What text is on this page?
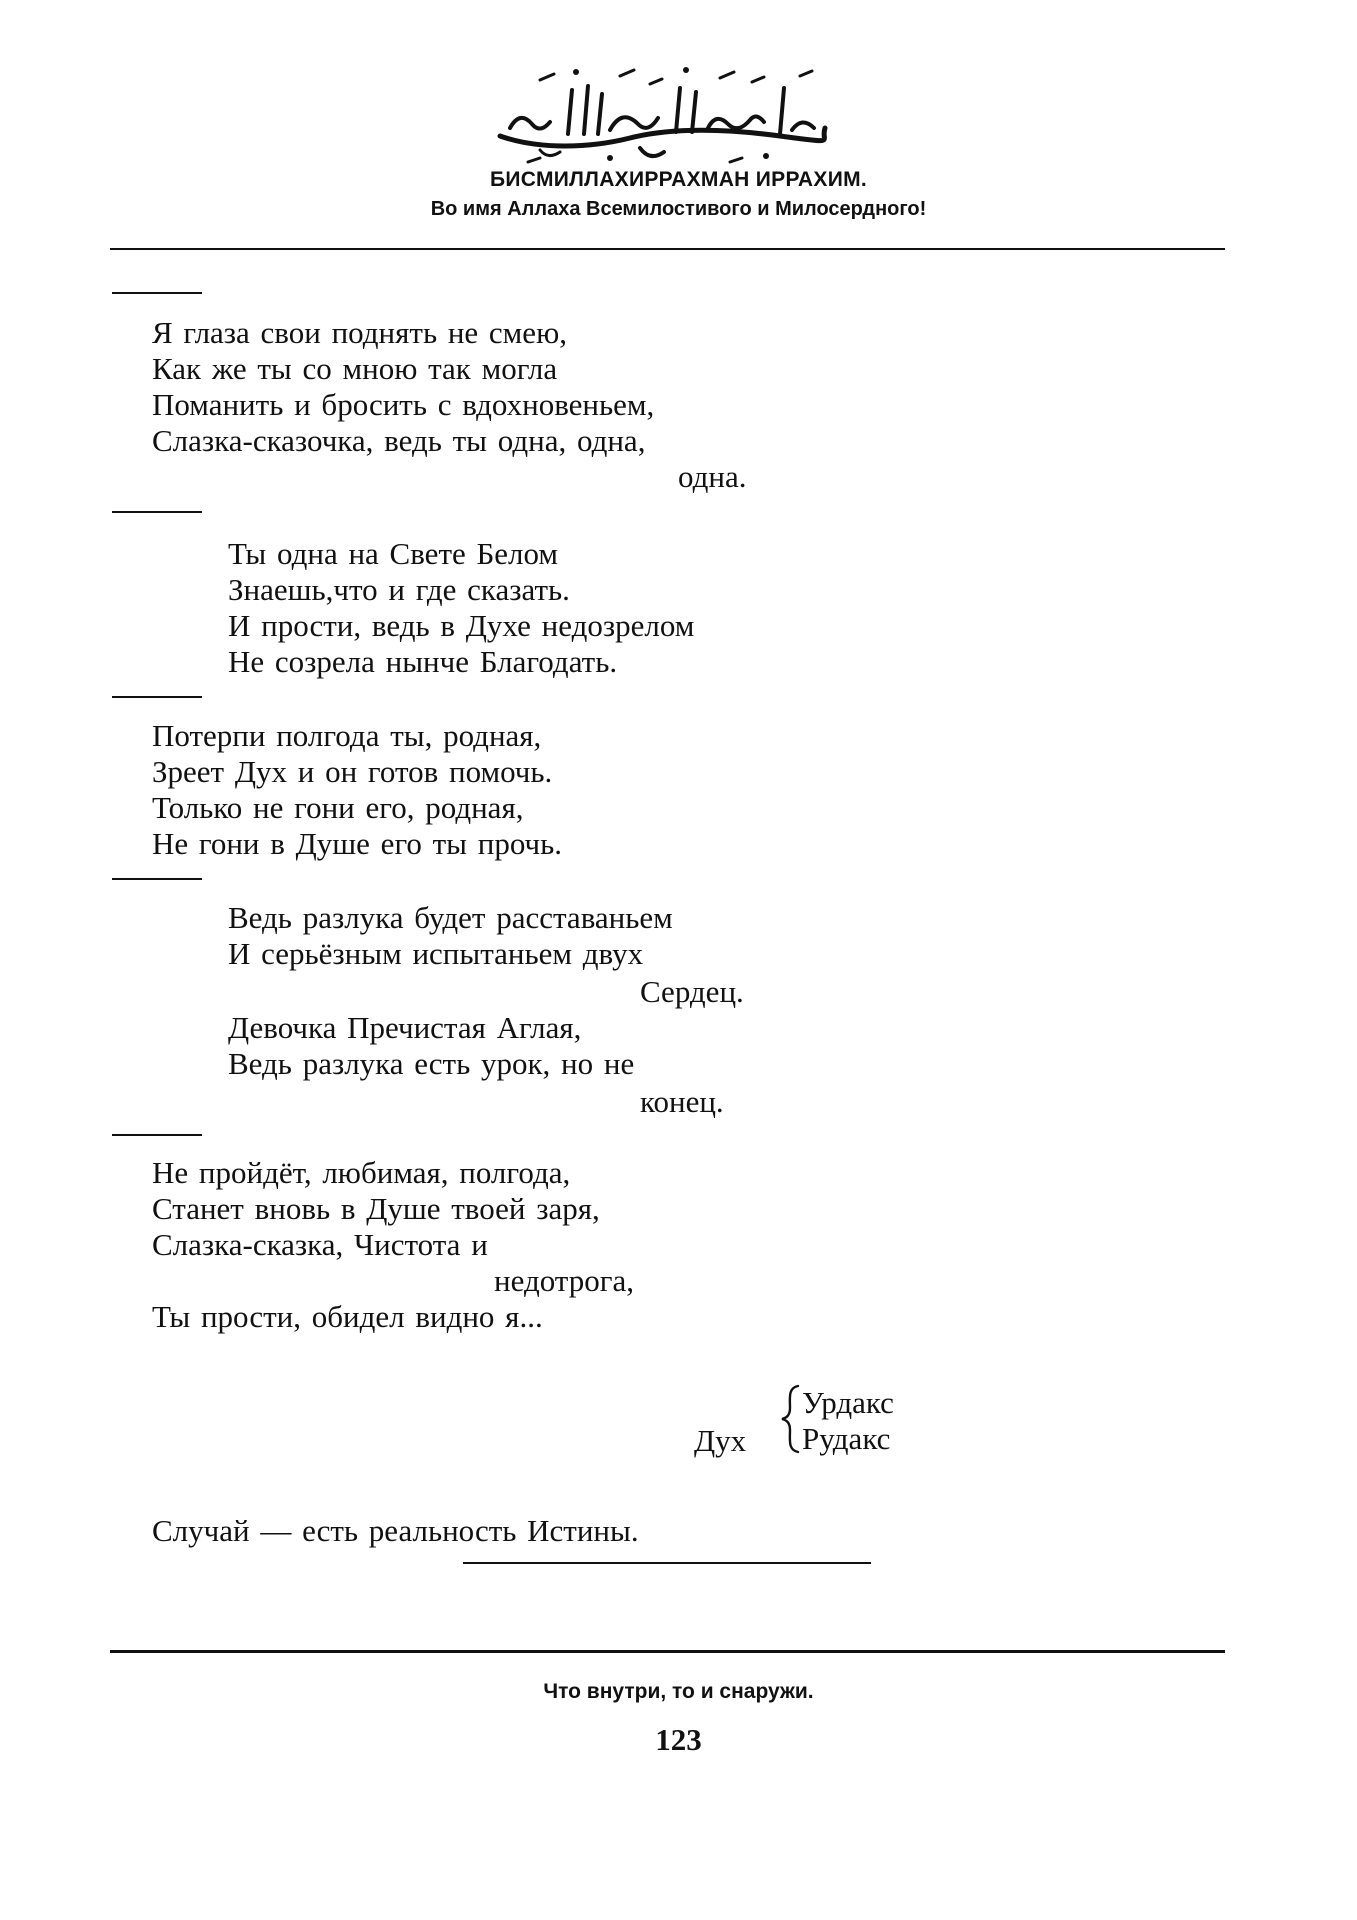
БИСМИЛЛАХИРРАХМАН ИРРАХИМ.
Во имя Аллаха Всемилостивого и Милосердного!
Я глаза свои поднять не смею,
Как же ты со мною так могла
Поманить и бросить с вдохновеньем,
Слазка-сказочка, ведь ты одна, одна,
одна.
Ты одна на Свете Белом
Знаешь,что и где сказать.
И прости, ведь в Духе недозрелом
Не созрела нынче Благодать.
Потерпи полгода ты, родная,
Зреет Дух и он готов помочь.
Только не гони его, родная,
Не гони в Душе его ты прочь.
Ведь разлука будет расставаньем
И серьёзным испытаньем двух
Сердец.
Девочка Пречистая Аглая,
Ведь разлука есть урок, но не
конец.
Не пройдёт, любимая, полгода,
Станет вновь в Душе твоей заря,
Слазка-сказка, Чистота и
недотрога,
Ты прости, обидел видно я...
Урдакс
Рудакс
Дух
Случай — есть реальность Истины.
Что внутри, то и снаружи.
123
